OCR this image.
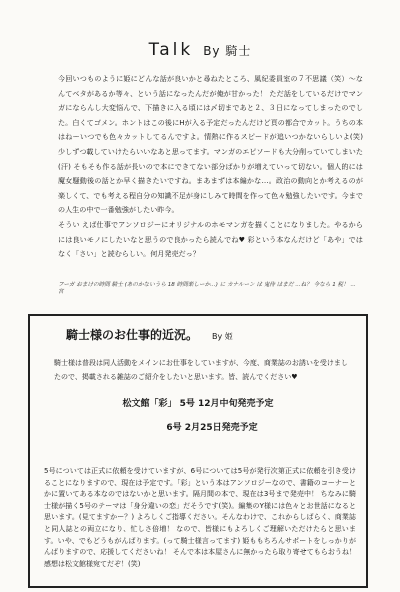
Talk By 騎士

今回いつものように姫にどんな話が良いかと尋ねたところ、風紀委員室の７不思議（笑）～なんてベタがあるか等々、という話になったんだが俺が甘かった！ ただ話をしているだけでマンガにならんし大変悩んで、下描きに入る頃には〆切まであと２、３日になってしまったのでした。白くてゴメン。ホントはこの後にHが入る予定だったんだけど頁の都合でカット。うちの本はねーいつでも色々カットしてるんですよ。情熱に作るスピードが追いつかないらしいよ(笑) 少しずつ載していけたらいいなあと思ってます。マンガのエピソードも大分削っていてしまいた(汗) そもそも作る話が長いので本にできてない部分ばかりが増えていって切ない。個人的には魔女騒動後の話とか早く描きたいですね。まあまずは本編かな…。政治の動向とか考えるのが楽しくて、でも考える程自分の知識不足が身にしみて時間を作って色々勉強したいです。今までの人生の中で一番勉強がしたい昨今。

そうい えば仕事でアンソロジーにオリジナルのホモマンガを描くことになりました。やるからには良いモノにしたいなと思うので良かったら読んでね♥ 彩という本なんだけど「あや」ではなく「さい」と読むらしい。何月発売だっ？

フーガ おまけの時間 騎士 (あのかないうら 18 時間楽しーか…) に カナルーン は 鬼侍 はまだ ...ね？ 今なら 1 税！ ... 宮
騎士様のお仕事的近況。 By 姫
騎士様は普段は同人活動をメインにお仕事をしていますが、今度、商業誌のお誘いを受けましたので、掲載される雑誌のご紹介をしたいと思います。皆、読んでください♥
松文館「彩」 5号 12月中旬発売予定
6号 2月25日発売予定

5号については正式に依頼を受けていますが、6号については5号が発行次第正式に依頼を引き受けることになりますので、現在は予定です。「彩」という本はアンソロジーなので、書籍のコーナーとかに置いてある本なのではないかと思います。隔月間の本で、現在は3号まで発売中！ ちなみに騎士様が描く5号のテーマは「身分違いの恋」だそうです(笑)。編集のY様には色々とお世話になると思います。(見てますかー？) よろしくご指導ください。そんなわけで、これからしばらく、商業誌と同人誌との両立になり、忙しさ倍増！ なので、皆様にもよろしくご理解いただけたらと思います。いや、でもどうもがんばります。(って騎士様言ってます) 姫ももちろんサポートをしっかりがんばりますので、応援してくださいね！ そんで本は本屋さんに無かったら取り寄せてもらおうね！ 感想は松文館様宛てだぞ！(笑)
